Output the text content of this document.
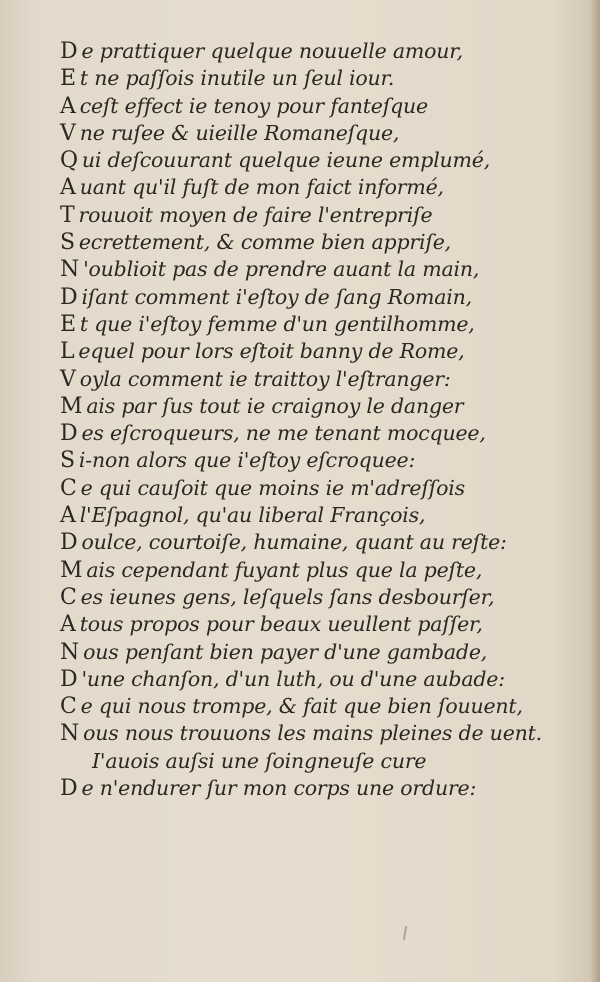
D e prattiquer quelque nouuelle amour,
E t ne paſſois inutile un ſeul iour.
A ceſt effect ie tenoy pour fanteſque
V ne ruſee & uieille Romaneſque,
Q ui deſcouurant quelque ieune emplumé,
A uant qu'il fuſt de mon faict informé,
T rouuoit moyen de faire l'entrepriſe
S ecrettement, & comme bien appriſe,
N 'oublioit pas de prendre auant la main,
D iſant comment i'eſtoy de ſang Romain,
E t que i'eſtoy femme d'un gentilhomme,
L equel pour lors eſtoit banny de Rome,
V oyla comment ie traittoy l'eſtranger:
M ais par ſus tout ie craignoy le danger
D es eſcroqueurs, ne me tenant mocquee,
S i-non alors que i'eſtoy eſcroquee:
C e qui cauſoit que moins ie m'adreſſois
A l'Eſpagnol, qu'au liberal François,
D oulce, courtoiſe, humaine, quant au reſte:
M ais cependant fuyant plus que la peſte,
C es ieunes gens, leſquels ſans desbourſer,
A tous propos pour beaux ueullent paſſer,
N ous penſant bien payer d'une gambade,
D 'une chanſon, d'un luth, ou d'une aubade:
C e qui nous trompe, & fait que bien ſouuent,
N ous nous trouuons les mains pleines de uent.
I'auois auſsi une ſoingneuſe cure
D e n'endurer ſur mon corps une ordure:
